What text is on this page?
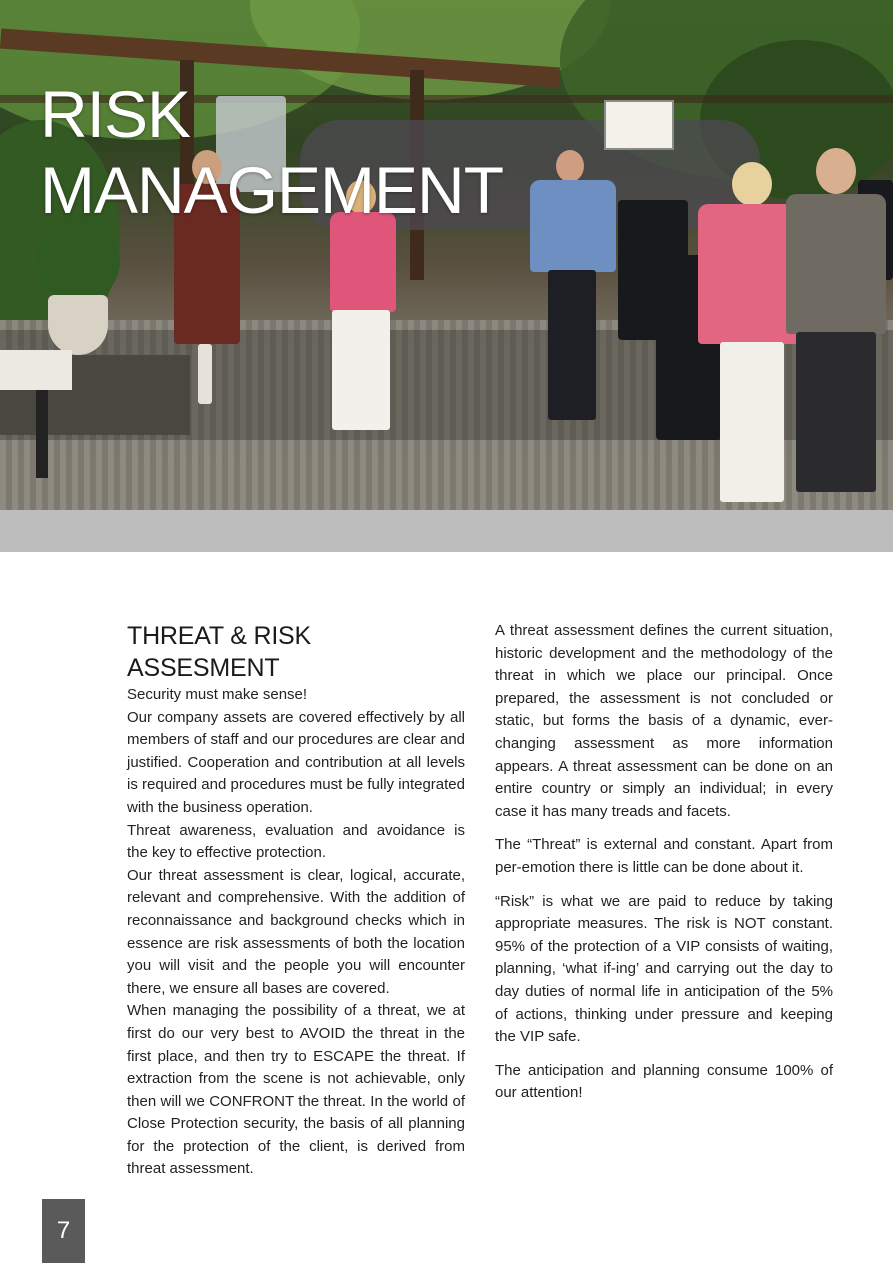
RISK
MANAGEMENT
THREAT & RISK
ASSESMENT

Security must make sense!

Our company assets are covered effectively by all members of staff and our procedures are clear and justified. Cooperation and contribution at all levels is required and procedures must be fully integrated with the business operation.

Threat awareness, evaluation and avoidance is the key to effective protection.

Our threat assessment is clear, logical, accurate, relevant and comprehensive. With the addition of reconnaissance and background checks which in essence are risk assessments of both the location you will visit and the people you will encounter there, we ensure all bases are covered.

When managing the possibility of a threat, we at first do our very best to AVOID the threat in the first place, and then try to ESCAPE the threat. If extraction from the scene is not achievable, only then will we CONFRONT the threat. In the world of Close Protection security, the basis of all planning for the protection of the client, is derived from threat assessment.

A threat assessment defines the current situation, historic development and the methodology of the threat in which we place our principal. Once prepared, the assessment is not concluded or static, but forms the basis of a dynamic, ever-changing assessment as more information appears. A threat assessment can be done on an entire country or simply an individual; in every case it has many treads and facets.

The “Threat” is external and constant. Apart from per-emotion there is little can be done about it.

“Risk” is what we are paid to reduce by taking appropriate measures. The risk is NOT constant. 95% of the protection of a VIP consists of waiting, planning, ‘what if-ing’ and carrying out the day to day duties of normal life in anticipation of the 5% of actions, thinking under pressure and keeping the VIP safe.

The anticipation and planning consume 100% of our attention!

7
